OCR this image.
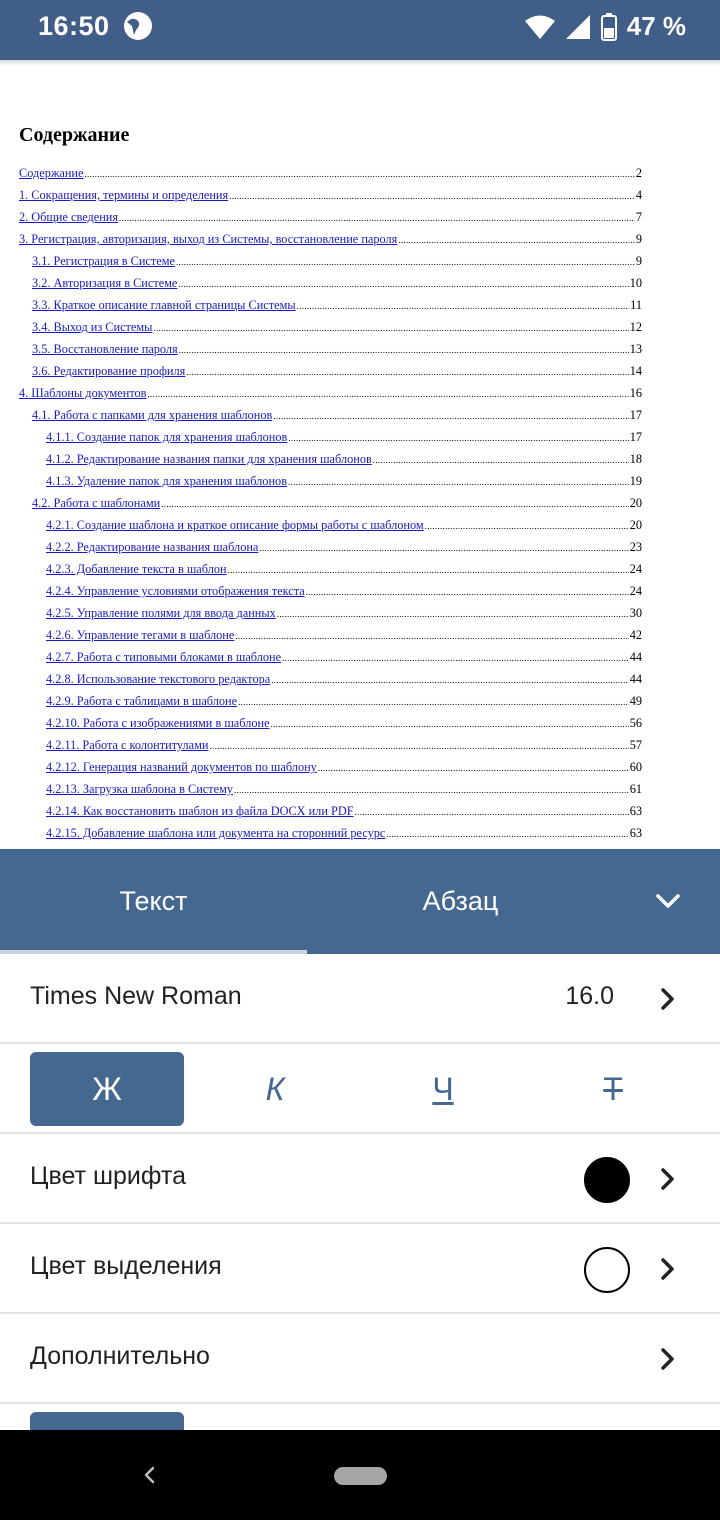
16:50	47 %
Содержание
Содержание .....	2
1. Сокращения, термины и определения .....	4
2. Общие сведения .....	7
3. Регистрация, авторизация, выход из Системы, восстановление пароля .....	9
3.1. Регистрация в Системе .....	9
3.2. Авторизация в Системе .....	10
3.3. Краткое описание главной страницы Системы .....	11
3.4. Выход из Системы .....	12
3.5. Восстановление пароля .....	13
3.6. Редактирование профиля .....	14
4. Шаблоны документов .....	16
4.1. Работа с папками для хранения шаблонов .....	17
4.1.1. Создание папок для хранения шаблонов .....	17
4.1.2. Редактирование названия папки для хранения шаблонов .....	18
4.1.3. Удаление папок для хранения шаблонов .....	19
4.2. Работа с шаблонами .....	20
4.2.1. Создание шаблона и краткое описание формы работы с шаблоном .....	20
4.2.2. Редактирование названия шаблона .....	23
4.2.3. Добавление текста в шаблон .....	24
4.2.4. Управление условиями отображения текста .....	24
4.2.5. Управление полями для ввода данных .....	30
4.2.6. Управление тегами в шаблоне .....	42
4.2.7. Работа с типовыми блоками в шаблоне .....	44
4.2.8. Использование текстового редактора .....	44
4.2.9. Работа с таблицами в шаблоне .....	49
4.2.10. Работа с изображениями в шаблоне .....	56
4.2.11. Работа с колонтитулами .....	57
4.2.12. Генерация названий документов по шаблону .....	60
4.2.13. Загрузка шаблона в Систему .....	61
4.2.14. Как восстановить шаблон из файла DOCX или PDF .....	63
4.2.15. Добавление шаблона или документа на сторонний ресурс .....	63
Текст	Абзац
Times New Roman	16.0
Ж	К	Ч	Т
Цвет шрифта
Цвет выделения
Дополнительно
